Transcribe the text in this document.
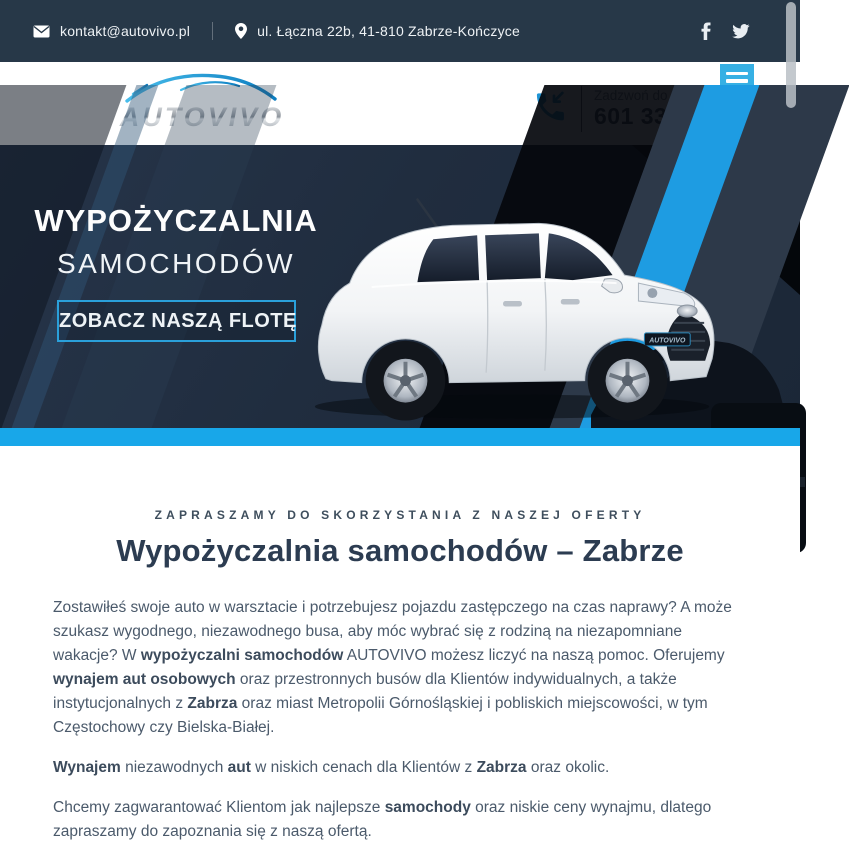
kontakt@autovivo.pl	ul. Łączna 22b, 41-810 Zabrze-Kończyce
AUTOVIVO
AUTOVIVO
WYPOŻYCZALNIA
SAMOCHODÓW
ZOBACZ NASZĄ FLOTĘ
ZAPRASZAMY DO SKORZYSTANIA Z NASZEJ OFERTY
Wypożyczalnia samochodów – Zabrze

Zostawiłeś swoje auto w warsztacie i potrzebujesz pojazdu zastępczego na czas naprawy? A może szukasz wygodnego, niezawodnego busa, aby móc wybrać się z rodziną na niezapomniane wakacje? W wypożyczalni samochodów AUTOVIVO możesz liczyć na naszą pomoc. Oferujemy wynajem aut osobowych oraz przestronnych busów dla Klientów indywidualnych, a także instytucjonalnych z Zabrza oraz miast Metropolii Górnośląskiej i pobliskich miejscowości, w tym Częstochowy czy Bielska-Białej.

Wynajem niezawodnych aut w niskich cenach dla Klientów z Zabrza oraz okolic.

Chcemy zagwarantować Klientom jak najlepsze samochody oraz niskie ceny wynajmu, dlatego zapraszamy do zapoznania się z naszą ofertą.
